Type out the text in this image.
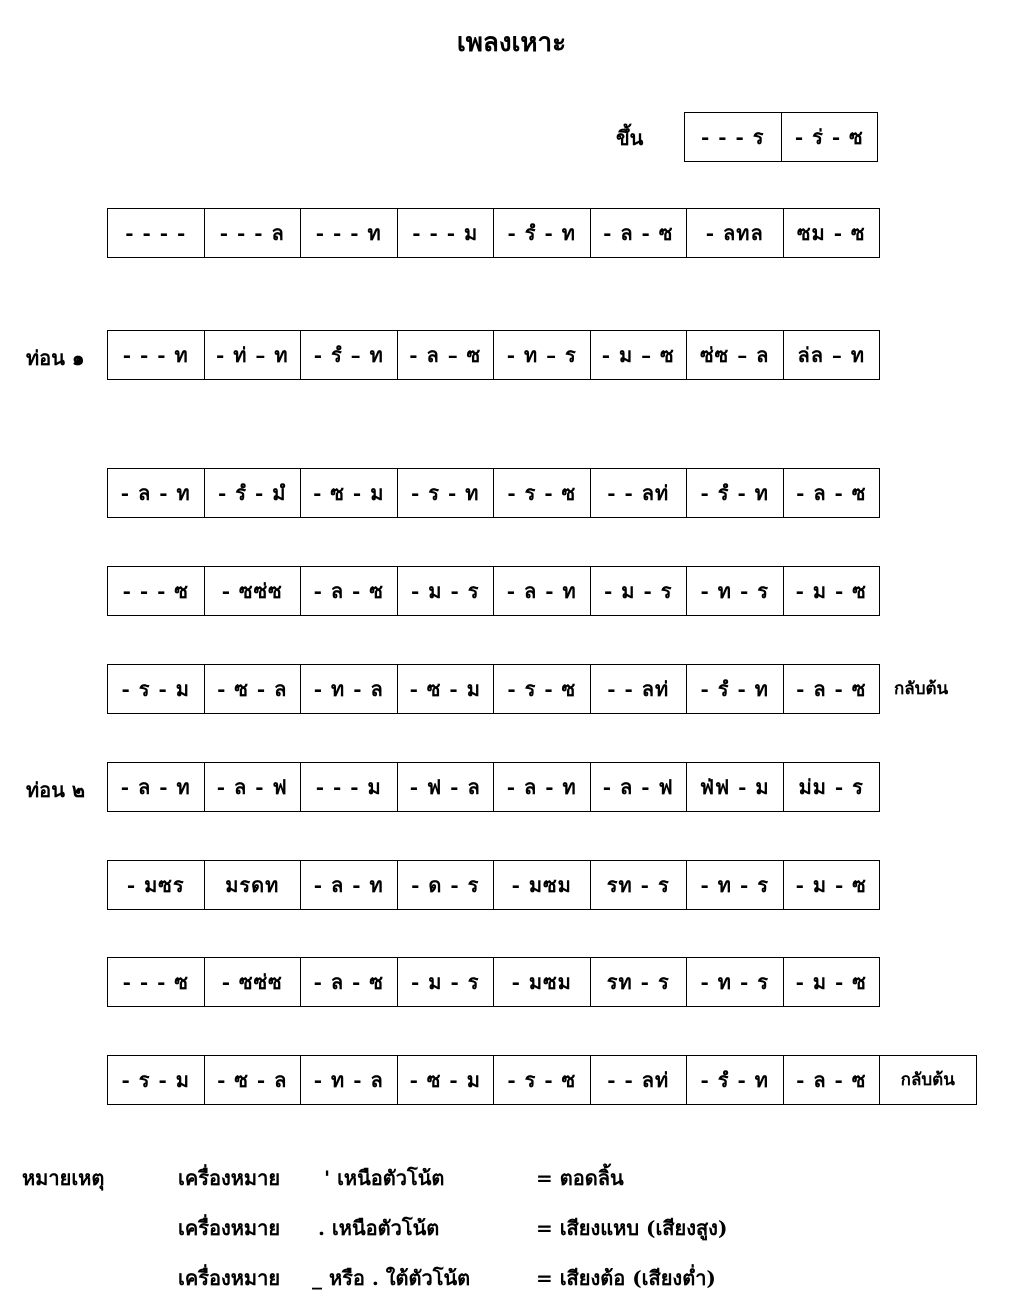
เพลงเหาะ
ขึ้น	- - - ร	- ร่ - ซ
- - - -	- - - ล	- - - ท	- - - ม	- รํ - ท	- ล - ซ	- ลทล	ซม - ซ
ท่อน ๑	- - - ท	- ท่ – ท	- รํ – ท	- ล – ซ	- ท – ร	- ม – ซ	ซ่ซ – ล	ล่ล – ท
- ล - ท	- รํ - มํ	- ซ - ม	- ร - ท	- ร - ซ	- - ลท่	- รํ - ท	- ล - ซ
- - - ซ	- ซซ่ซ	- ล - ซ	- ม - ร	- ล - ท	- ม - ร	- ท - ร	- ม - ซ
- ร - ม	- ซ - ล	- ท - ล	- ซ - ม	- ร - ซ	- - ลท่	- รํ - ท	- ล - ซ	กลับต้น
ท่อน ๒	- ล - ท	- ล - ฟ	- - - ม	- ฟ - ล	- ล - ท	- ล - ฟ	ฟ่ฟ - ม	ม่ม - ร
- มซร	มรดท	- ล - ท	- ด - ร	- มซม	รท - ร	- ท - ร	- ม - ซ
- - - ซ	- ซซ่ซ	- ล - ซ	- ม - ร	- มซม	รท - ร	- ท - ร	- ม - ซ
- ร - ม	- ซ - ล	- ท - ล	- ซ - ม	- ร - ซ	- - ลท่	- รํ - ท	- ล - ซ	กลับต้น
หมายเหตุ	เครื่องหมาย ' เหนือตัวโน้ต	= ตอดลิ้น
เครื่องหมาย . เหนือตัวโน้ต	= เสียงแหบ (เสียงสูง)
เครื่องหมาย _ หรือ . ใต้ตัวโน้ต	= เสียงต้อ (เสียงต่ำ)
